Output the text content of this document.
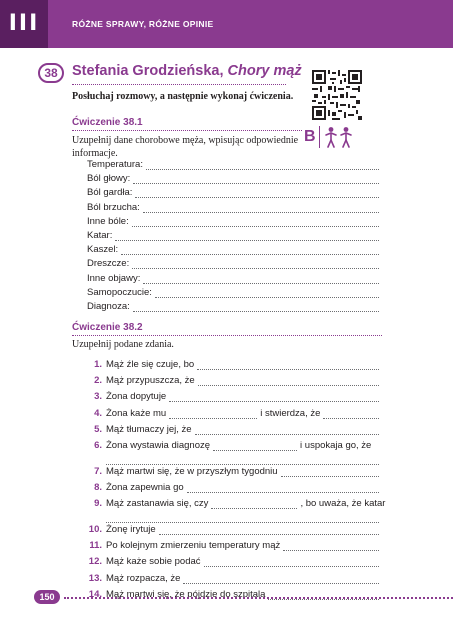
III	RÓŻNE SPRAWY, RÓŻNE OPINIE
38 Stefania Grodzieńska, Chory mąż
Posłuchaj rozmowy, a następnie wykonaj ćwiczenia.
Ćwiczenie 38.1
Uzupełnij dane chorobowe męża, wpisując odpowiednie
informacje.
B
Temperatura:
Ból głowy:
Ból gardła:
Ból brzucha:
Inne bóle:
Katar:
Kaszel:
Dreszcze:
Inne objawy:
Samopoczucie:
Diagnoza:
Ćwiczenie 38.2
Uzupełnij podane zdania.
1. Mąż źle się czuje, bo
2. Mąż przypuszcza, że
3. Żona dopytuje
4. Żona każe mu	i stwierdza, że
5. Mąż tłumaczy jej, że
6. Żona wystawia diagnozę	i uspokaja go, że
7. Mąż martwi się, że w przyszłym tygodniu
8. Żona zapewnia go
9. Mąż zastanawia się, czy	, bo uważa, że katar
10. Żonę irytuje
11. Po kolejnym zmierzeniu temperatury mąż
12. Mąż każe sobie podać
13. Mąż rozpacza, że
14. Mąż martwi się, że pójdzie do szpitala
150
